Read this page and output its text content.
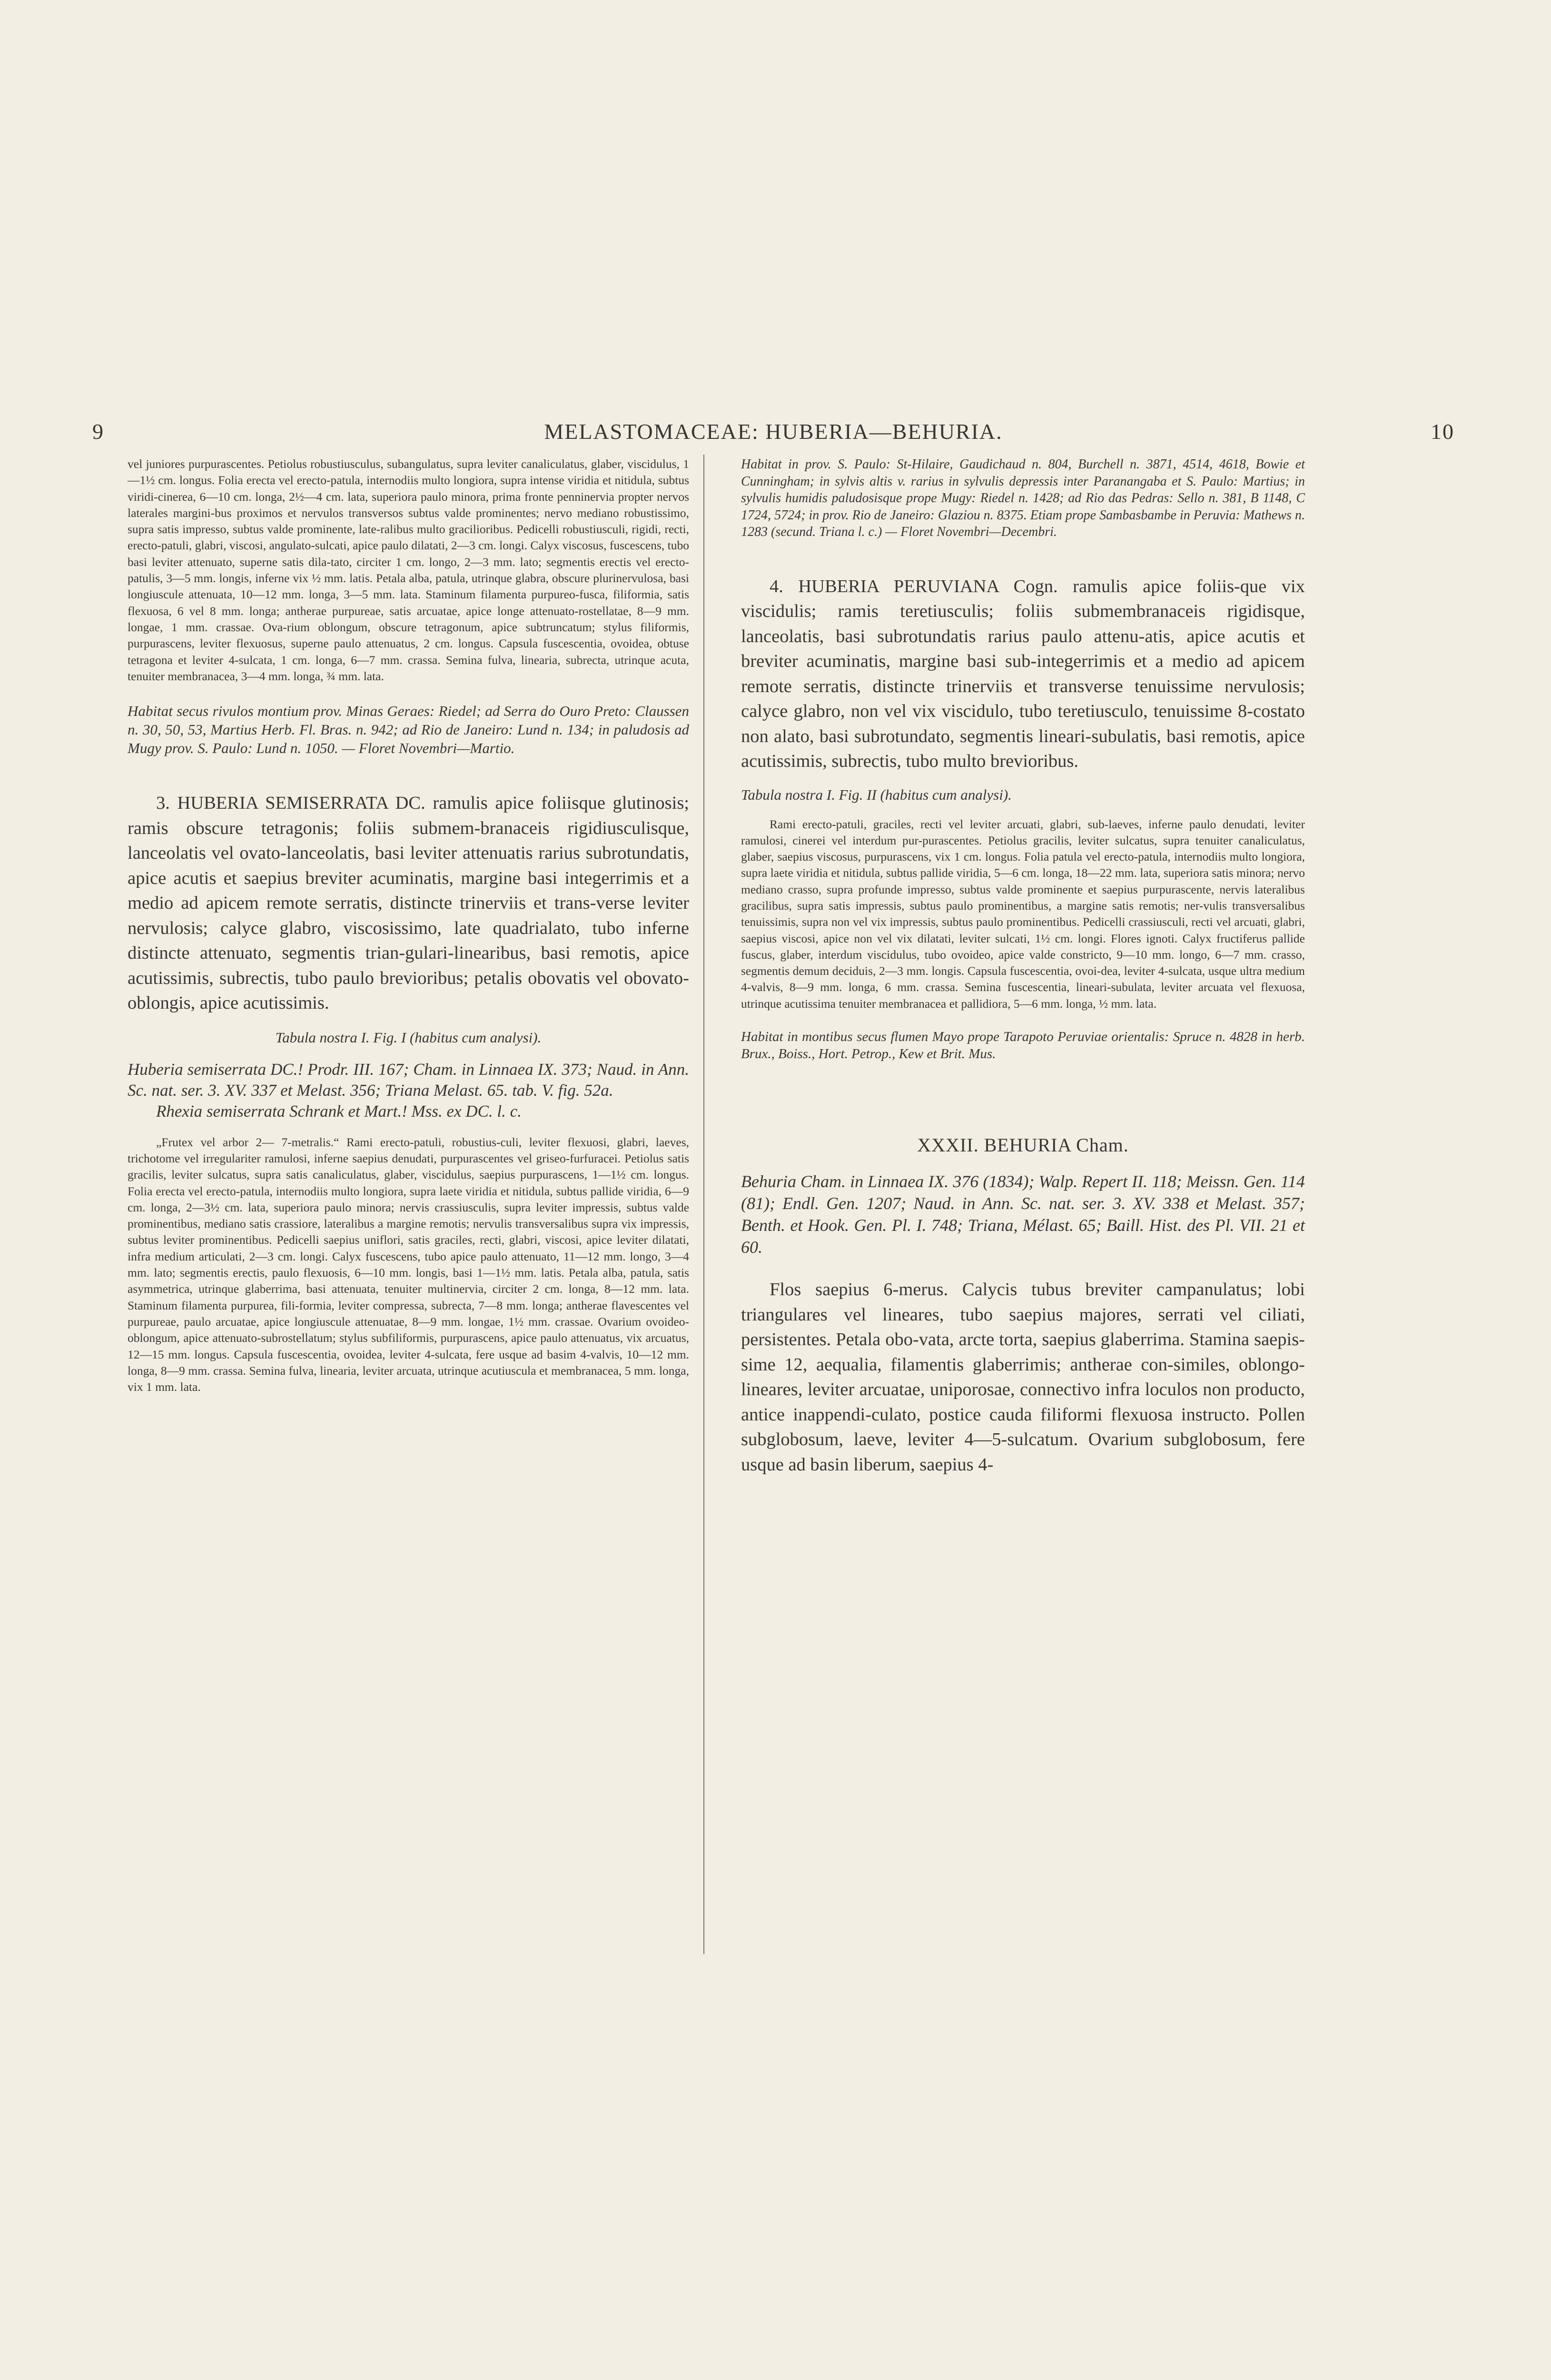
9	MELASTOMACEAE: HUBERIA—BEHURIA.	10

vel juniores purpurascentes. Petiolus robustiusculus, subangulatus, supra leviter canaliculatus, glaber, viscidulus, 1—1½ cm. longus. Folia erecta vel erecto-patula, internodiis multo longiora, supra intense viridia et nitidula, subtus viridi-cinerea, 6—10 cm. longa, 2½—4 cm. lata, superiora paulo minora, prima fronte penninervia propter nervos laterales margini-bus proximos et nervulos transversos subtus valde prominentes; nervo mediano robustissimo, supra satis impresso, subtus valde prominente, late-ralibus multo gracilioribus. Pedicelli robustiusculi, rigidi, recti, erecto-patuli, glabri, viscosi, angulato-sulcati, apice paulo dilatati, 2—3 cm. longi. Calyx viscosus, fuscescens, tubo basi leviter attenuato, superne satis dila-tato, circiter 1 cm. longo, 2—3 mm. lato; segmentis erectis vel erecto-patulis, 3—5 mm. longis, inferne vix ½ mm. latis. Petala alba, patula, utrinque glabra, obscure plurinervulosa, basi longiuscule attenuata, 10—12 mm. longa, 3—5 mm. lata. Staminum filamenta purpureo-fusca, filiformia, satis flexuosa, 6 vel 8 mm. longa; antherae purpureae, satis arcuatae, apice longe attenuato-rostellatae, 8—9 mm. longae, 1 mm. crassae. Ova-rium oblongum, obscure tetragonum, apice subtruncatum; stylus filiformis, purpurascens, leviter flexuosus, superne paulo attenuatus, 2 cm. longus. Capsula fuscescentia, ovoidea, obtuse tetragona et leviter 4-sulcata, 1 cm. longa, 6—7 mm. crassa. Semina fulva, linearia, subrecta, utrinque acuta, tenuiter membranacea, 3—4 mm. longa, ¾ mm. lata.

Habitat secus rivulos montium prov. Minas Geraes: Riedel; ad Serra do Ouro Preto: Claussen n. 30, 50, 53, Martius Herb. Fl. Bras. n. 942; ad Rio de Janeiro: Lund n. 134; in paludosis ad Mugy prov. S. Paulo: Lund n. 1050. — Floret Novembri—Martio.

3. HUBERIA SEMISERRATA DC. ramulis apice foliisque glutinosis; ramis obscure tetragonis; foliis submem-branaceis rigidiusculisque, lanceolatis vel ovato-lanceolatis, basi leviter attenuatis rarius subrotundatis, apice acutis et saepius breviter acuminatis, margine basi integerrimis et a medio ad apicem remote serratis, distincte trinerviis et trans-verse leviter nervulosis; calyce glabro, viscosissimo, late quadrialato, tubo inferne distincte attenuato, segmentis trian-gulari-linearibus, basi remotis, apice acutissimis, subrectis, tubo paulo brevioribus; petalis obovatis vel obovato-oblongis, apice acutissimis.

Tabula nostra I. Fig. I (habitus cum analysi).

Huberia semiserrata DC.! Prodr. III. 167; Cham. in Linnaea IX. 373; Naud. in Ann. Sc. nat. ser. 3. XV. 337 et Melast. 356; Triana Melast. 65. tab. V. fig. 52a.

Rhexia semiserrata Schrank et Mart.! Mss. ex DC. l. c.

„Frutex vel arbor 2— 7-metralis.“ Rami erecto-patuli, robustius-culi, leviter flexuosi, glabri, laeves, trichotome vel irregulariter ramulosi, inferne saepius denudati, purpurascentes vel griseo-furfuracei. Petiolus satis gracilis, leviter sulcatus, supra satis canaliculatus, glaber, viscidulus, saepius purpurascens, 1—1½ cm. longus. Folia erecta vel erecto-patula, internodiis multo longiora, supra laete viridia et nitidula, subtus pallide viridia, 6—9 cm. longa, 2—3½ cm. lata, superiora paulo minora; nervis crassiusculis, supra leviter impressis, subtus valde prominentibus, mediano satis crassiore, lateralibus a margine remotis; nervulis transversalibus supra vix impressis, subtus leviter prominentibus. Pedicelli saepius uniflori, satis graciles, recti, glabri, viscosi, apice leviter dilatati, infra medium articulati, 2—3 cm. longi. Calyx fuscescens, tubo apice paulo attenuato, 11—12 mm. longo, 3—4 mm. lato; segmentis erectis, paulo flexuosis, 6—10 mm. longis, basi 1—1½ mm. latis. Petala alba, patula, satis asymmetrica, utrinque glaberrima, basi attenuata, tenuiter multinervia, circiter 2 cm. longa, 8—12 mm. lata. Staminum filamenta purpurea, fili-formia, leviter compressa, subrecta, 7—8 mm. longa; antherae flavescentes vel purpureae, paulo arcuatae, apice longiuscule attenuatae, 8—9 mm. longae, 1½ mm. crassae. Ovarium ovoideo-oblongum, apice attenuato-subrostellatum; stylus subfiliformis, purpurascens, apice paulo attenuatus, vix arcuatus, 12—15 mm. longus. Capsula fuscescentia, ovoidea, leviter 4-sulcata, fere usque ad basim 4-valvis, 10—12 mm. longa, 8—9 mm. crassa. Semina fulva, linearia, leviter arcuata, utrinque acutiuscula et membranacea, 5 mm. longa, vix 1 mm. lata.

Habitat in prov. S. Paulo: St-Hilaire, Gaudichaud n. 804, Burchell n. 3871, 4514, 4618, Bowie et Cunningham; in sylvis altis v. rarius in sylvulis depressis inter Paranangaba et S. Paulo: Martius; in sylvulis humidis paludosisque prope Mugy: Riedel n. 1428; ad Rio das Pedras: Sello n. 381, B 1148, C 1724, 5724; in prov. Rio de Janeiro: Glaziou n. 8375. Etiam prope Sambasbambe in Peruvia: Mathews n. 1283 (secund. Triana l. c.) — Floret Novembri—Decembri.

4. HUBERIA PERUVIANA Cogn. ramulis apice foliis-que vix viscidulis; ramis teretiusculis; foliis submembranaceis rigidisque, lanceolatis, basi subrotundatis rarius paulo attenu-atis, apice acutis et breviter acuminatis, margine basi sub-integerrimis et a medio ad apicem remote serratis, distincte trinerviis et transverse tenuissime nervulosis; calyce glabro, non vel vix viscidulo, tubo teretiusculo, tenuissime 8-costato non alato, basi subrotundato, segmentis lineari-subulatis, basi remotis, apice acutissimis, subrectis, tubo multo brevioribus.

Tabula nostra I. Fig. II (habitus cum analysi).

Rami erecto-patuli, graciles, recti vel leviter arcuati, glabri, sub-laeves, inferne paulo denudati, leviter ramulosi, cinerei vel interdum pur-purascentes. Petiolus gracilis, leviter sulcatus, supra tenuiter canaliculatus, glaber, saepius viscosus, purpurascens, vix 1 cm. longus. Folia patula vel erecto-patula, internodiis multo longiora, supra laete viridia et nitidula, subtus pallide viridia, 5—6 cm. longa, 18—22 mm. lata, superiora satis minora; nervo mediano crasso, supra profunde impresso, subtus valde prominente et saepius purpurascente, nervis lateralibus gracilibus, supra satis impressis, subtus paulo prominentibus, a margine satis remotis; ner-vulis transversalibus tenuissimis, supra non vel vix impressis, subtus paulo prominentibus. Pedicelli crassiusculi, recti vel arcuati, glabri, saepius viscosi, apice non vel vix dilatati, leviter sulcati, 1½ cm. longi. Flores ignoti. Calyx fructiferus pallide fuscus, glaber, interdum viscidulus, tubo ovoideo, apice valde constricto, 9—10 mm. longo, 6—7 mm. crasso, segmentis demum deciduis, 2—3 mm. longis. Capsula fuscescentia, ovoi-dea, leviter 4-sulcata, usque ultra medium 4-valvis, 8—9 mm. longa, 6 mm. crassa. Semina fuscescentia, lineari-subulata, leviter arcuata vel flexuosa, utrinque acutissima tenuiter membranacea et pallidiora, 5—6 mm. longa, ½ mm. lata.

Habitat in montibus secus flumen Mayo prope Tarapoto Peruviae orientalis: Spruce n. 4828 in herb. Brux., Boiss., Hort. Petrop., Kew et Brit. Mus.

XXXII. BEHURIA Cham.

Behuria Cham. in Linnaea IX. 376 (1834); Walp. Repert II. 118; Meissn. Gen. 114 (81); Endl. Gen. 1207; Naud. in Ann. Sc. nat. ser. 3. XV. 338 et Melast. 357; Benth. et Hook. Gen. Pl. I. 748; Triana, Mélast. 65; Baill. Hist. des Pl. VII. 21 et 60.

Flos saepius 6-merus. Calycis tubus breviter campanulatus; lobi triangulares vel lineares, tubo saepius majores, serrati vel ciliati, persistentes. Petala obo-vata, arcte torta, saepius glaberrima. Stamina saepis-sime 12, aequalia, filamentis glaberrimis; antherae con-similes, oblongo-lineares, leviter arcuatae, uniporosae, connectivo infra loculos non producto, antice inappendi-culato, postice cauda filiformi flexuosa instructo. Pollen subglobosum, laeve, leviter 4—5-sulcatum. Ovarium subglobosum, fere usque ad basin liberum, saepius 4-
